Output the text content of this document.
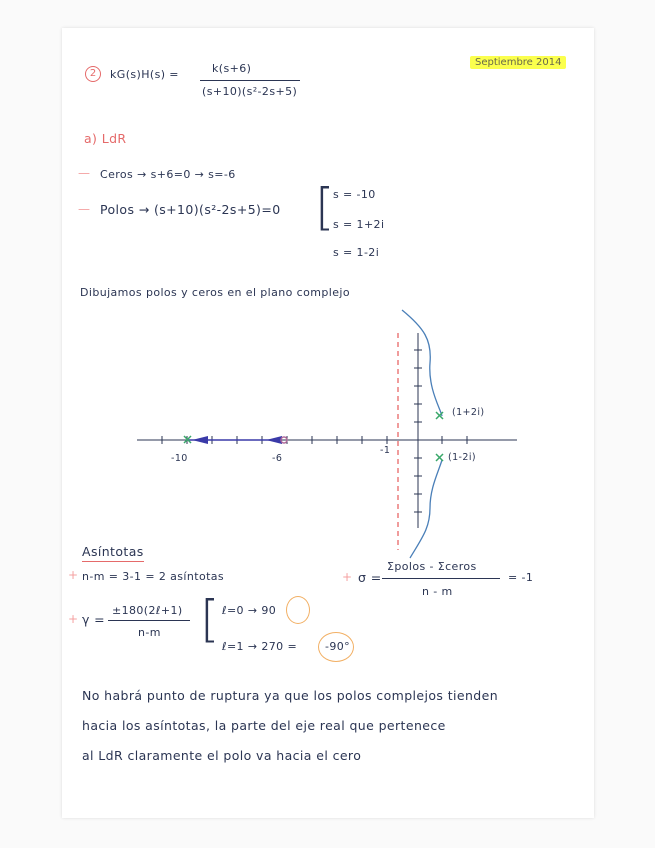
2	kG(s)H(s) =	k(s+6)
(s+10)(s²-2s+5)
Septiembre 2014
a) LdR
— Ceros → s+6=0 → s=-6
— Polos → (s+10)(s²-2s+5)=0 [
s = -10
s = 1+2i
s = 1-2i
Dibujamos polos y ceros en el plano complejo
-10	-6
-1
(1+2i)
(1-2i)
Asíntotas
+ n-m = 3-1 = 2 asíntotas	+ σ =
Σpolos - Σceros
n - m
= -1
+ γ =
±180(2ℓ+1)
n-m [ ℓ=0 → 90
ℓ=1 → 270 =	-90°
No habrá punto de ruptura ya que los polos complejos tienden
hacia los asíntotas, la parte del eje real que pertenece
al LdR claramente el polo va hacia el cero
